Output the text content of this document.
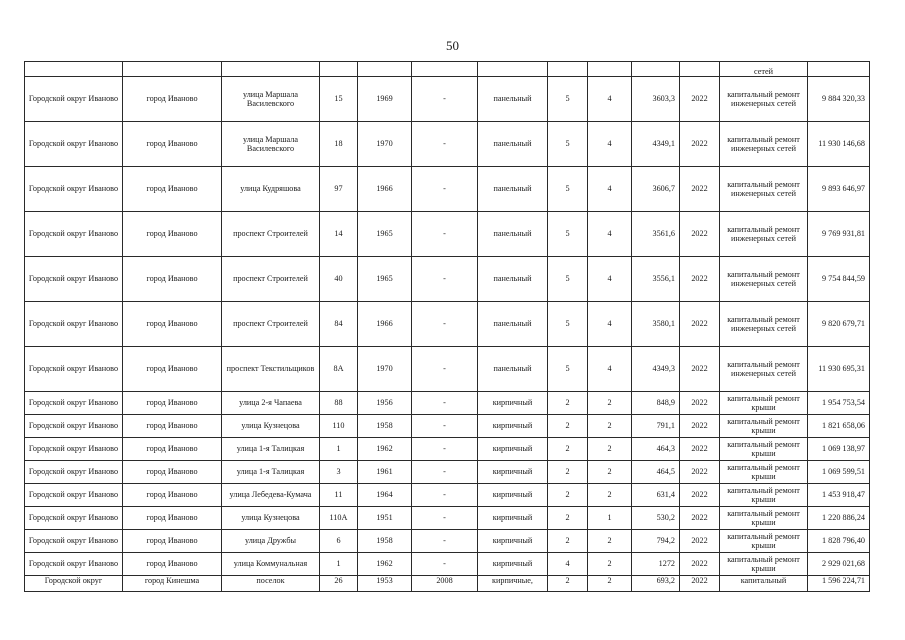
50
											сетей	
Городской округ Иваново	город Иваново	улица Маршала Василевского	15	1969	-	панельный	5	4	3603,3	2022	капитальный ремонт инженерных сетей	9 884 320,33
Городской округ Иваново	город Иваново	улица Маршала Василевского	18	1970	-	панельный	5	4	4349,1	2022	капитальный ремонт инженерных сетей	11 930 146,68
Городской округ Иваново	город Иваново	улица Кудряшова	97	1966	-	панельный	5	4	3606,7	2022	капитальный ремонт инженерных сетей	9 893 646,97
Городской округ Иваново	город Иваново	проспект Строителей	14	1965	-	панельный	5	4	3561,6	2022	капитальный ремонт инженерных сетей	9 769 931,81
Городской округ Иваново	город Иваново	проспект Строителей	40	1965	-	панельный	5	4	3556,1	2022	капитальный ремонт инженерных сетей	9 754 844,59
Городской округ Иваново	город Иваново	проспект Строителей	84	1966	-	панельный	5	4	3580,1	2022	капитальный ремонт инженерных сетей	9 820 679,71
Городской округ Иваново	город Иваново	проспект Текстильщиков	8А	1970	-	панельный	5	4	4349,3	2022	капитальный ремонт инженерных сетей	11 930 695,31
Городской округ Иваново	город Иваново	улица 2-я Чапаева	88	1956	-	кирпичный	2	2	848,9	2022	капитальный ремонт крыши	1 954 753,54
Городской округ Иваново	город Иваново	улица Кузнецова	110	1958	-	кирпичный	2	2	791,1	2022	капитальный ремонт крыши	1 821 658,06
Городской округ Иваново	город Иваново	улица 1-я Талицкая	1	1962	-	кирпичный	2	2	464,3	2022	капитальный ремонт крыши	1 069 138,97
Городской округ Иваново	город Иваново	улица 1-я Талицкая	3	1961	-	кирпичный	2	2	464,5	2022	капитальный ремонт крыши	1 069 599,51
Городской округ Иваново	город Иваново	улица Лебедева-Кумача	11	1964	-	кирпичный	2	2	631,4	2022	капитальный ремонт крыши	1 453 918,47
Городской округ Иваново	город Иваново	улица Кузнецова	110А	1951	-	кирпичный	2	1	530,2	2022	капитальный ремонт крыши	1 220 886,24
Городской округ Иваново	город Иваново	улица Дружбы	6	1958	-	кирпичный	2	2	794,2	2022	капитальный ремонт крыши	1 828 796,40
Городской округ Иваново	город Иваново	улица Коммунальная	1	1962	-	кирпичный	4	2	1272	2022	капитальный ремонт крыши	2 929 021,68
Городской округ	город Кинешма	поселок	26	1953	2008	кирпичные,	2	2	693,2	2022	капитальный	1 596 224,71
